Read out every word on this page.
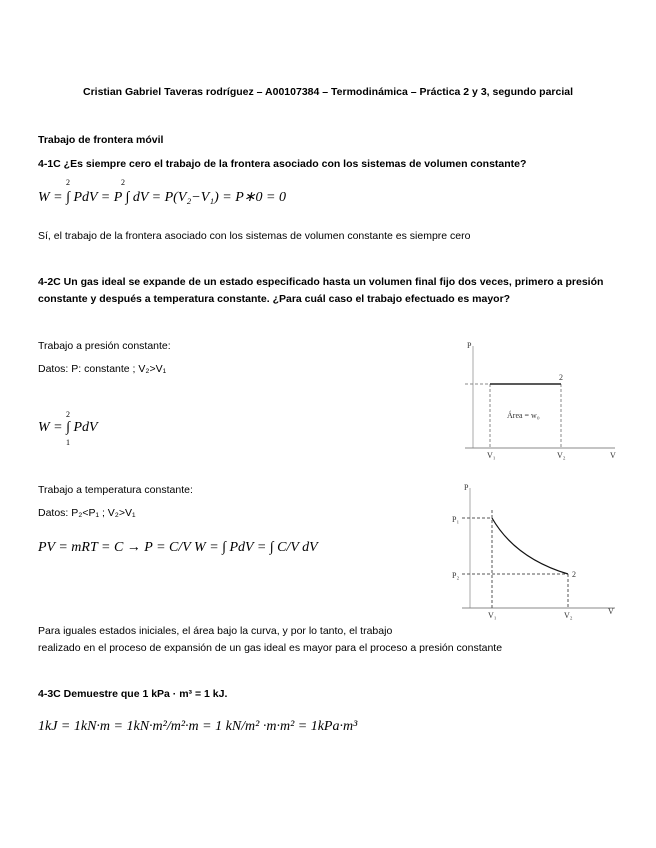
Cristian Gabriel Taveras rodríguez – A00107384 – Termodinámica – Práctica 2 y 3, segundo parcial
Trabajo de frontera móvil
4-1C ¿Es siempre cero el trabajo de la frontera asociado con los sistemas de volumen constante?
W = ∫ PdV = P ∫ dV = P(V₂−V₁) = P∗0 = 0
2	2
Sí, el trabajo de la frontera asociado con los sistemas de volumen constante es siempre cero
4-2C Un gas ideal se expande de un estado especificado hasta un volumen final fijo dos veces, primero a presión
constante y después a temperatura constante. ¿Para cuál caso el trabajo efectuado es mayor?
Trabajo a presión constante:
Datos: P: constante ; V₂>V₁
W = ∫ PdV
2
1
P
V
V₁	V₂
2
Área = w₀
Trabajo a temperatura constante:
Datos: P₂<P₁ ; V₂>V₁
PV = mRT = C → P = C/V W = ∫ PdV = ∫ C/V dV
P
P₁
P₂
V₁	V₂	V
2
Para iguales estados iniciales, el área bajo la curva, y por lo tanto, el trabajo
realizado en el proceso de expansión de un gas ideal es mayor para el proceso a presión constante
4-3C Demuestre que 1 kPa · m³ = 1 kJ.
1kJ = 1kN·m = 1kN·m²/m²·m = 1 kN/m² ·m·m² = 1kPa·m³
